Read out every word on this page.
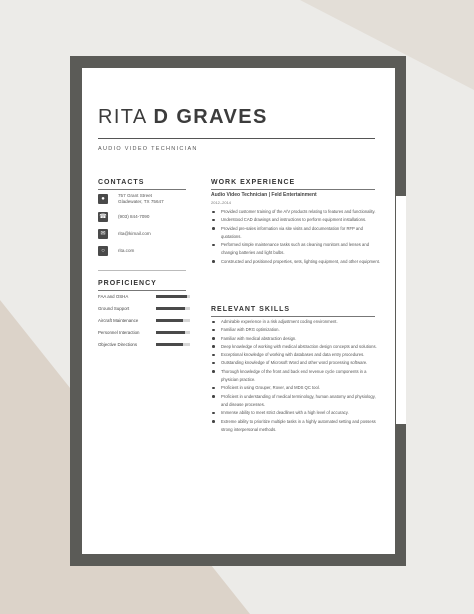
RITA D GRAVES
AUDIO VIDEO TECHNICIAN
CONTACTS
●
757 Grant Street
Gladewater, TX 75647
☎ (903) 844-7090
✉	rita@kimail.com
○	rita.com
PROFICIENCY
FAA and OSHA
Ground Support
Aircraft Maintenance
Personnel Interaction
Objective Directions
WORK EXPERIENCE
Audio Video Technician | Feld Entertainment
2012–2014
Provided customer training of the A/V products relating to features and functionality.
Understood CAD drawings and instructions to perform equipment installations.
Provided pre-sales information via site visits and documentation for RFP and quotations.
Performed simple maintenance tasks such as cleaning monitors and lenses and changing batteries and light bulbs.
Constructed and positioned properties, sets, lighting equipment, and other equipment.
RELEVANT SKILLS
Admirable experience in a risk adjustment coding environment.
Familiar with DRG optimization.
Familiar with medical abstraction design.
Deep knowledge of working with medical abstraction design concepts and solutions.
Exceptional knowledge of working with databases and data entry procedures.
Outstanding knowledge of Microsoft Word and other word processing software.
Thorough knowledge of the front and back end revenue cycle components in a physician practice.
Proficient in using Grouper, Rover, and MDS QC tool.
Proficient in understanding of medical terminology, human anatomy and physiology, and disease processes.
Immense ability to meet strict deadlines with a high level of accuracy.
Extreme ability to prioritize multiple tasks in a highly automated setting and possess strong interpersonal methods.
